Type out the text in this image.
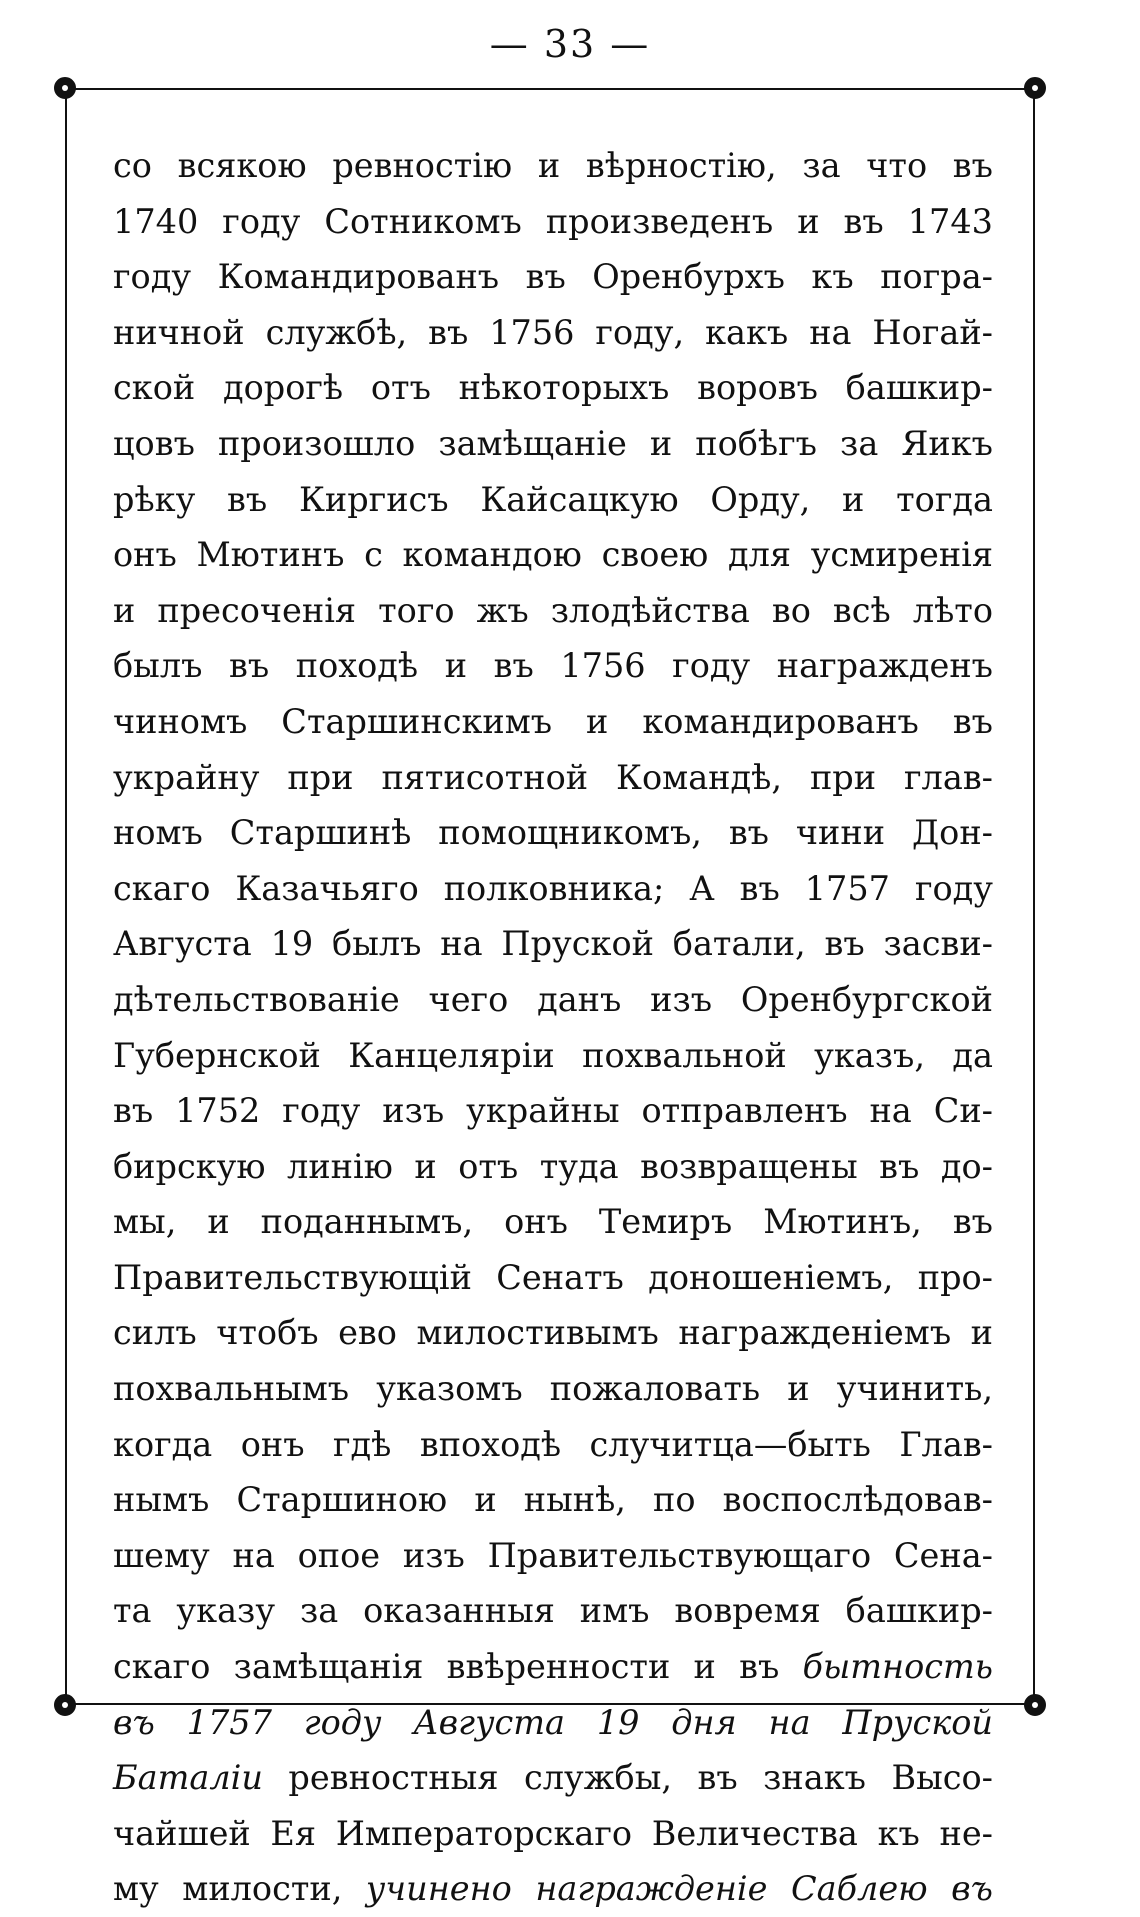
— 33 —
со всякою ревностію и вѣрностію, за что въ
1740 году Сотникомъ произведенъ и въ 1743
году Командированъ въ Оренбурхъ къ погра-
ничной службѣ, въ 1756 году, какъ на Ногай-
ской дорогѣ отъ нѣкоторыхъ воровъ башкир-
цовъ произошло замѣщаніе и побѣгъ за Яикъ
рѣку въ Киргисъ Кайсацкую Орду, и тогда
онъ Мютинъ с командою своею для усмиренія
и пресоченія того жъ злодѣйства во всѣ лѣто
былъ въ походѣ и въ 1756 году награжденъ
чиномъ Старшинскимъ и командированъ въ
украйну при пятисотной Командѣ, при глав-
номъ Старшинѣ помощникомъ, въ чини Дон-
скаго Казачьяго полковника; А въ 1757 году
Августа 19 былъ на Пруской батали, въ засви-
дѣтельствованіе чего данъ изъ Оренбургской
Губернской Канцеляріи похвальной указъ, да
въ 1752 году изъ украйны отправленъ на Си-
бирскую линію и отъ туда возвращены въ до-
мы, и поданнымъ, онъ Темиръ Мютинъ, въ
Правительствующій Сенатъ доношеніемъ, про-
силъ чтобъ ево милостивымъ награжденіемъ и
похвальнымъ указомъ пожаловать и учинить,
когда онъ гдѣ впоходѣ случитца—быть Глав-
нымъ Старшиною и нынѣ, по воспослѣдовав-
шему на опое изъ Правительствующаго Сена-
та указу за оказанныя имъ вовремя башкир-
скаго замѣщанія ввѣренности и въ бытность
въ 1757 году Августа 19 дня на Пруской
Баталіи ревностныя службы, въ знакъ Высо-
чайшей Ея Императорскаго Величества къ не-
му милости, учинено награжденіе Саблею въ
